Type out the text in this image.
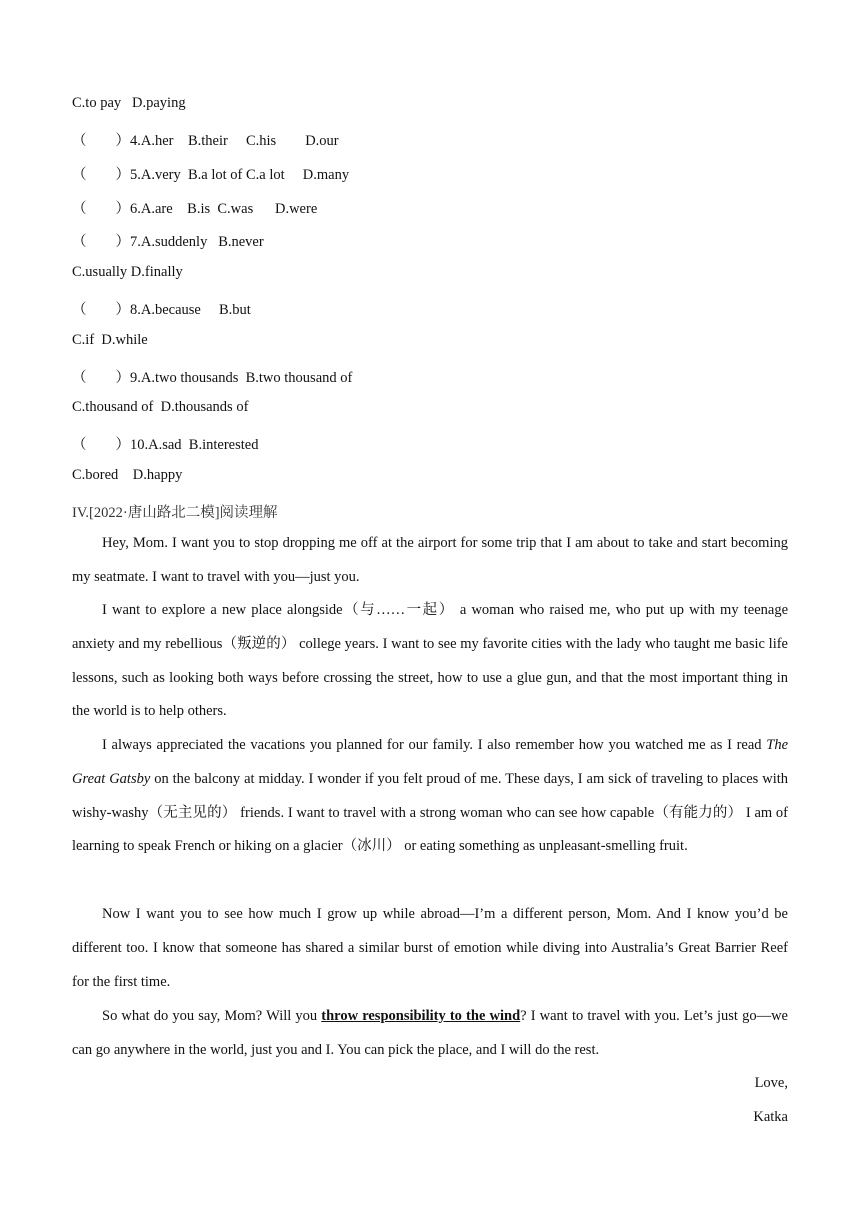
C.to pay   D.paying
（        ）4.A.her    B.their     C.his        D.our
（        ）5.A.very  B.a lot of C.a lot     D.many
（        ）6.A.are    B.is  C.was      D.were
（        ）7.A.suddenly   B.never
C.usually D.finally
（        ）8.A.because     B.but
C.if  D.while
（        ）9.A.two thousands  B.two thousand of
C.thousand of  D.thousands of
（        ）10.A.sad  B.interested
C.bored    D.happy
IV.[2022·唐山路北二模]阅读理解
Hey, Mom. I want you to stop dropping me off at the airport for some trip that I am about to take and start becoming my seatmate. I want to travel with you—just you.
I want to explore a new place alongside（与……一起） a woman who raised me, who put up with my teenage anxiety and my rebellious（叛逆的） college years. I want to see my favorite cities with the lady who taught me basic life lessons, such as looking both ways before crossing the street, how to use a glue gun, and that the most important thing in the world is to help others.
I always appreciated the vacations you planned for our family. I also remember how you watched me as I read The Great Gatsby on the balcony at midday. I wonder if you felt proud of me. These days, I am sick of traveling to places with wishy-washy（无主见的） friends. I want to travel with a strong woman who can see how capable（有能力的） I am of learning to speak French or hiking on a glacier（冰川） or eating something as unpleasant-smelling fruit.
Now I want you to see how much I grow up while abroad—I’m a different person, Mom. And I know you’d be different too. I know that someone has shared a similar burst of emotion while diving into Australia’s Great Barrier Reef for the first time.
So what do you say, Mom? Will you throw responsibility to the wind? I want to travel with you. Let’s just go—we can go anywhere in the world, just you and I. You can pick the place, and I will do the rest.
Love,
Katka
